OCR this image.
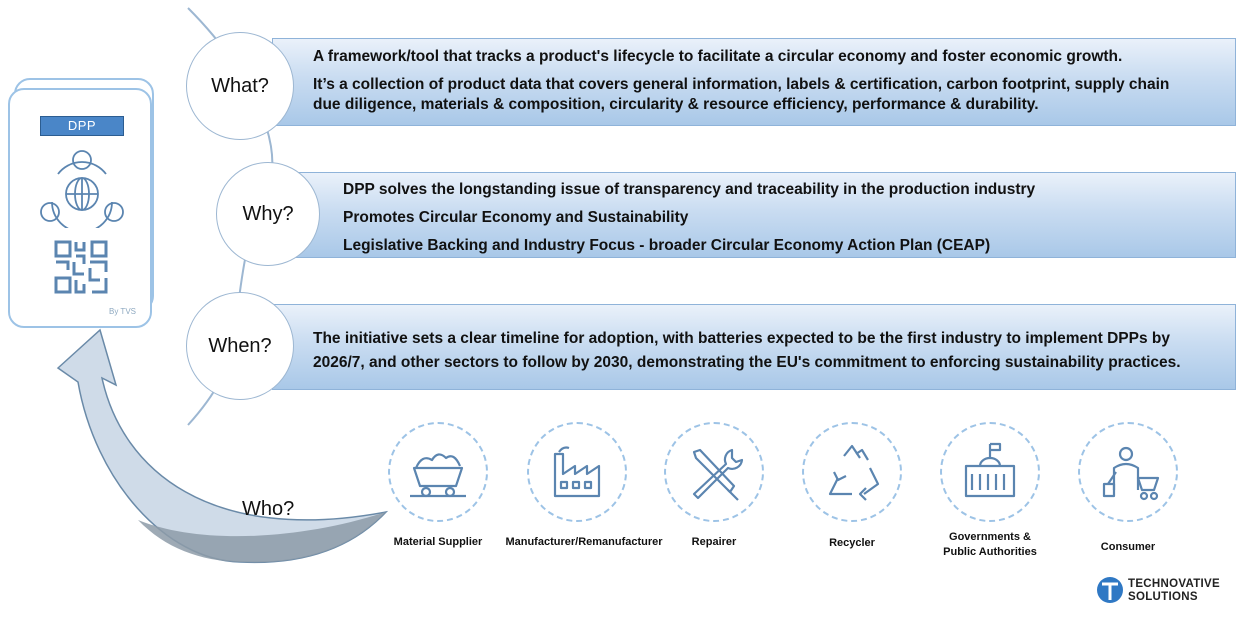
DPP
By TVS
A framework/tool that tracks a product's lifecycle to facilitate a circular economy and foster economic growth.
It’s a collection of product data that covers general information, labels & certification, carbon footprint, supply chain
due diligence, materials & composition, circularity & resource efficiency, performance & durability.
What?
DPP solves the longstanding issue of transparency and traceability in the production industry
Promotes Circular Economy and Sustainability
Legislative Backing and Industry Focus - broader Circular Economy Action Plan (CEAP)
Why?
The initiative sets a clear timeline for adoption, with batteries expected to be the first industry to implement DPPs by
2026/7, and other sectors to follow by 2030, demonstrating the EU's commitment to enforcing sustainability practices.
When?
Who?
Material Supplier	Manufacturer/Remanufacturer	Repairer	Recycler	Governments &
Public Authorities	Consumer
TECHNOVATIVE
SOLUTIONS
